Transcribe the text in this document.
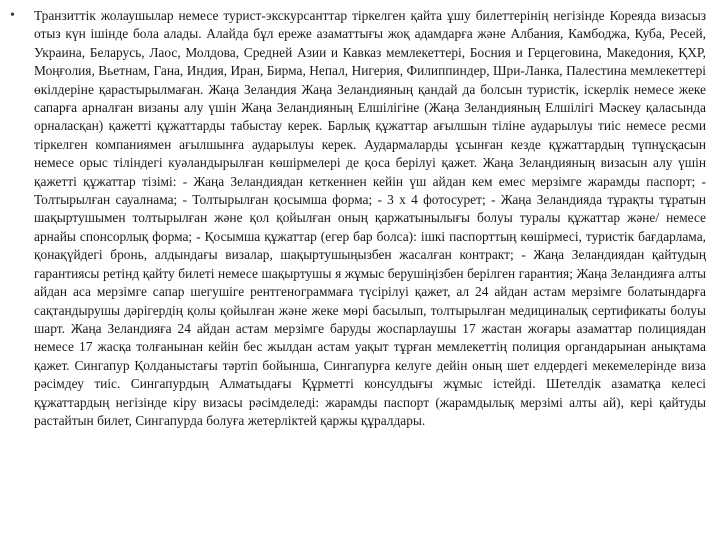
•	Транзиттік жолаушылар немесе турист-экскурсанттар тіркелген қайта ұшу билеттерінің негізінде Кореяда визасыз отыз күн ішінде бола алады. Алайда бұл ереже азаматтығы жоқ адамдарға және Албания, Камбоджа, Куба, Ресей, Украина, Беларусь, Лаос, Молдова, Средней Азии и Кавказ мемлекеттері, Босния и Герцеговина, Македония, ҚХР, Моңғолия, Вьетнам, Гана, Индия, Иран, Бирма, Непал, Нигерия, Филиппиндер, Шри-Ланка, Палестина мемлекеттері өкілдеріне қарастырылмаған. Жаңа Зеландия Жаңа Зеландияның қандай да болсын туристік, іскерлік немесе жеке сапарға арналған визаны алу үшін Жаңа Зеландияның Елшілігіне (Жаңа Зеландияның Елшілігі Мәскеу қаласында орналасқан) қажетті құжаттарды табыстау керек. Барлық құжаттар ағылшын тіліне аударылуы тиіс немесе ресми тіркелген компаниямен ағылшынға аударылуы керек. Аудармаларды ұсынған кезде құжаттардың түпнұсқасын немесе орыс тіліндегі куәландырылған көшірмелері де қоса берілуі қажет. Жаңа Зеландияның визасын алу үшін қажетті құжаттар тізімі: - Жаңа Зеландиядан кеткеннен кейін үш айдан кем емес мерзімге жарамды паспорт; - Толтырылған сауалнама; - Толтырылған қосымша форма; - 3 х 4 фотосурет; - Жаңа Зеландияда тұрақты тұратын шақыртушымен толтырылған және қол қойылған оның қаржатынылығы болуы туралы құжаттар және/ немесе арнайы спонсорлық форма; - Қосымша құжаттар (егер бар болса): ішкі паспорттың көшірмесі, туристік бағдарлама, қонақүйдегі бронь, алдындағы визалар, шақыртушыңызбен жасалған контракт; - Жаңа Зеландиядан қайтудың гарантиясы ретінд қайту билеті немесе шақыртушы я жұмыс берушіңізбен берілген гарантия; Жаңа Зеландияға алты айдан аса мерзімге сапар шегушіге рентгенограммаға түсірілуі қажет, ал 24 айдан астам мерзімге болатындарға сақтандырушы дәрігердің қолы қойылған және жеке мөрі басылып, толтырылған медициналық сертификаты болуы шарт. Жаңа Зеландияға 24 айдан астам мерзімге баруды жоспарлаушы 17 жастан жоғары азаматтар полициядан немесе 17 жасқа толғанынан кейін бес жылдан астам уақыт тұрған мемлекеттің полиция органдарынан анықтама қажет. Сингапур Қолданыстағы тәртіп бойынша, Сингапурға келуге дейін оның шет елдердегі мекемелерінде виза рәсімдеу тиіс. Сингапурдың Алматыдағы Құрметті консулдығы жұмыс істейді. Шетелдік азаматқа келесі құжаттардың негізінде кіру визасы рәсімделеді: жарамды паспорт (жарамдылық мерзімі алты ай), кері қайтуды растайтын билет, Сингапурда болуға жетерліктей қаржы құралдары.
